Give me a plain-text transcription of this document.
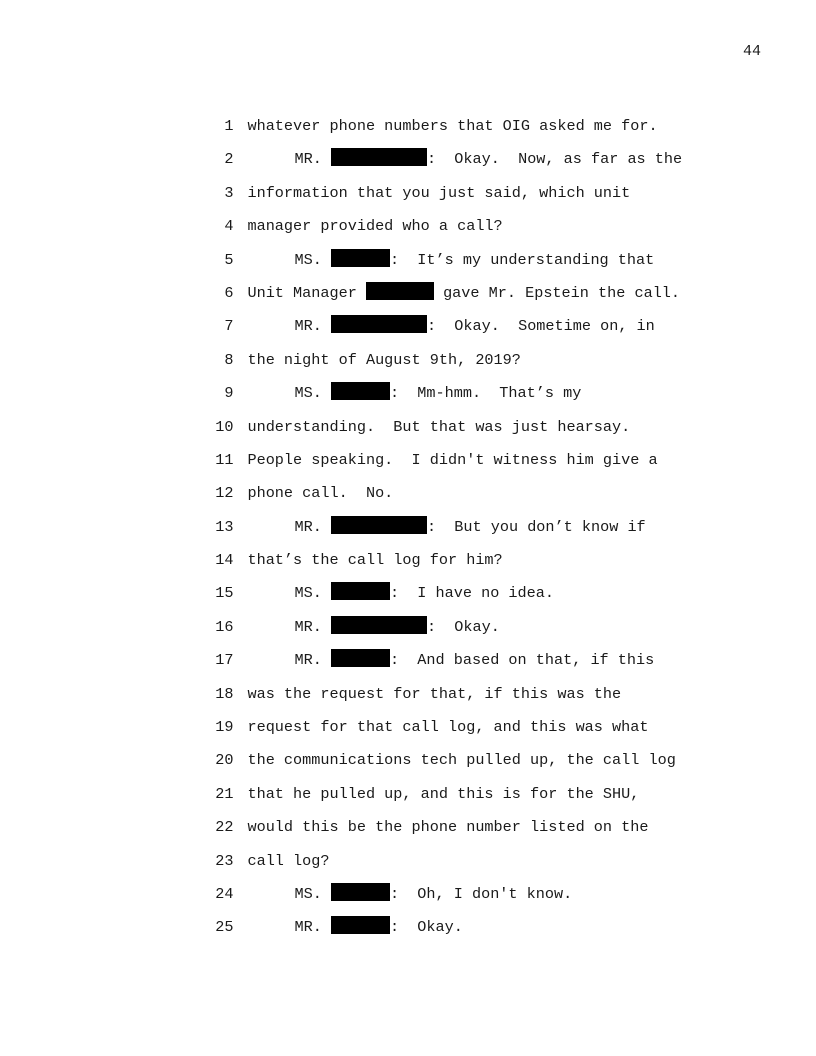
44

1 whatever phone numbers that OIG asked me for.

2	MR.	:  Okay.  Now, as far as the

3 information that you just said, which unit

4 manager provided who a call?

5	MS.	:  It’s my understanding that

6 Unit Manager	gave Mr. Epstein the call.

7	MR.	:  Okay.  Sometime on, in

8 the night of August 9th, 2019?

9	MS.	:  Mm-hmm.  That’s my

10 understanding.  But that was just hearsay.

11 People speaking.  I didn't witness him give a

12 phone call.  No.

13	MR.	:  But you don’t know if

14 that’s the call log for him?

15	MS.	:  I have no idea.

16	MR.	:  Okay.

17	MR.	:  And based on that, if this

18 was the request for that, if this was the

19 request for that call log, and this was what

20 the communications tech pulled up, the call log

21 that he pulled up, and this is for the SHU,

22 would this be the phone number listed on the

23 call log?

24	MS.	:  Oh, I don't know.

25	MR.	:  Okay.
